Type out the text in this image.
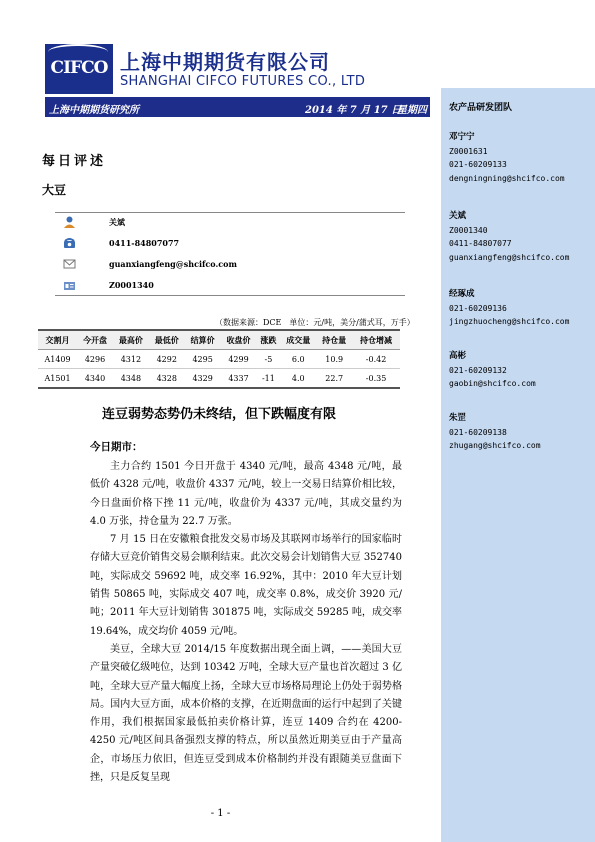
CIFCO 上海中期期货有限公司
SHANGHAI CIFCO FUTURES CO., LTD
上海中期期货研究所	2014 年 7 月 17 日
星期四 农产品研发团队
邓宁宁
Z0001631
021-60209133
dengningning@shcifco.com
关斌
Z0001340
0411-84807077
guanxiangfeng@shcifco.com
经琢成
021-60209136
jingzhuocheng@shcifco.com
高彬
021-60209132
gaobin@shcifco.com
朱罡
021-60209138
zhugang@shcifco.com
每日评述
大豆
关斌
0411-84807077
guanxiangfeng@shcifco.com
Z0001340
（数据来源：DCE　单位：元/吨，美分/蒲式耳，万手）
交割月	今开盘	最高价	最低价	结算价	收盘价	涨跌	成交量	持仓量	持仓增减
A1409	4296	4312	4292	4295	4299	-5	6.0	10.9	-0.42
A1501	4340	4348	4328	4329	4337	-11	4.0	22.7	-0.35
连豆弱势态势仍未终结，但下跌幅度有限
今日期市：

主力合约 1501 今日开盘于 4340 元/吨，最高 4348 元/吨，最低价 4328 元/吨，收盘价 4337 元/吨，较上一交易日结算价相比较，今日盘面价格下挫 11 元/吨，收盘价为 4337 元/吨，其成交量约为 4.0 万张，持仓量为 22.7 万张。

7 月 15 日在安徽粮食批发交易市场及其联网市场举行的国家临时存储大豆竞价销售交易会顺利结束。此次交易会计划销售大豆 352740 吨，实际成交 59692 吨，成交率 16.92%，其中：2010 年大豆计划销售 50865 吨，实际成交 407 吨，成交率 0.8%，成交价 3920 元/吨；2011 年大豆计划销售 301875 吨，实际成交 59285 吨，成交率 19.64%，成交均价 4059 元/吨。

美豆，全球大豆 2014/15 年度数据出现全面上调，——美国大豆产量突破亿级吨位，达到 10342 万吨，全球大豆产量也首次超过 3 亿吨，全球大豆产量大幅度上扬，全球大豆市场格局理论上仍处于弱势格局。国内大豆方面，成本价格的支撑，在近期盘面的运行中起到了关键作用，我们根据国家最低拍卖价格计算，连豆 1409 合约在 4200-4250 元/吨区间具备强烈支撑的特点，所以虽然近期美豆由于产量高企，市场压力依旧，但连豆受到成本价格制约并没有跟随美豆盘面下挫，只是反复呈现

- 1 -
